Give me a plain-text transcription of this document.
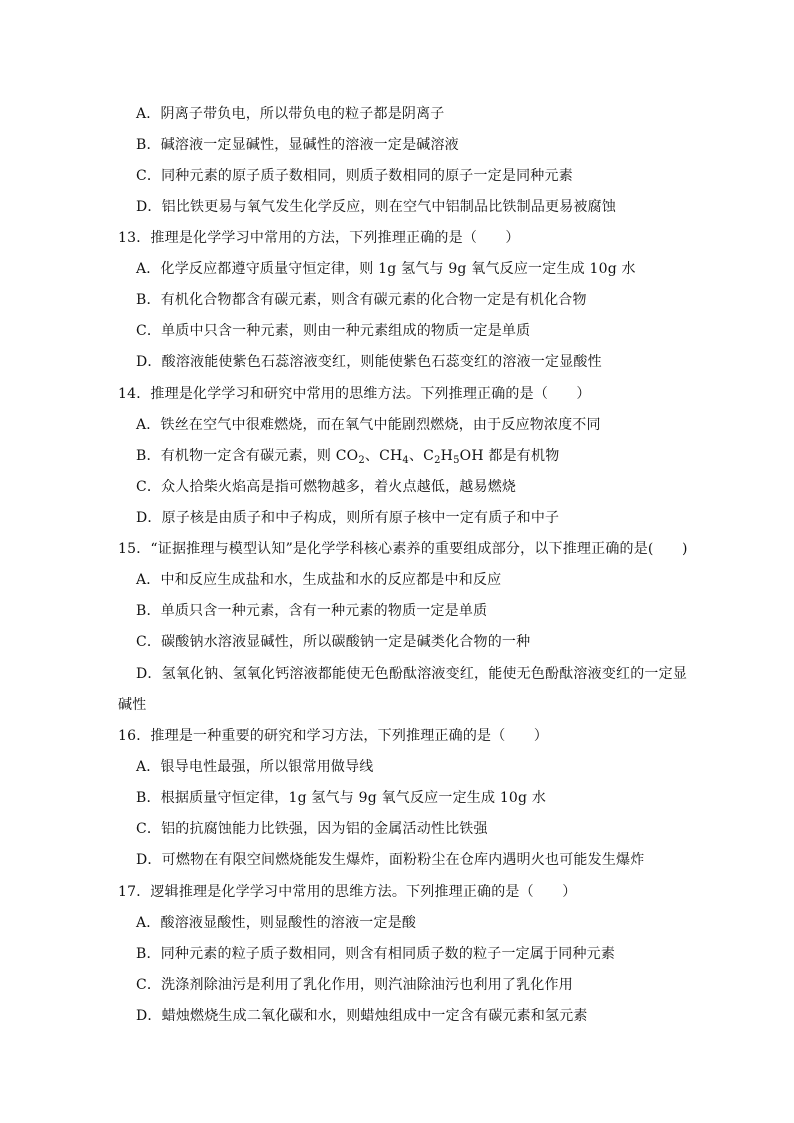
A．阴离子带负电，所以带负电的粒子都是阴离子
B．碱溶液一定显碱性，显碱性的溶液一定是碱溶液
C．同种元素的原子质子数相同，则质子数相同的原子一定是同种元素
D．铝比铁更易与氧气发生化学反应，则在空气中铝制品比铁制品更易被腐蚀
13．推理是化学学习中常用的方法，下列推理正确的是（　　）
A．化学反应都遵守质量守恒定律，则 1g 氢气与 9g 氧气反应一定生成 10g 水
B．有机化合物都含有碳元素，则含有碳元素的化合物一定是有机化合物
C．单质中只含一种元素，则由一种元素组成的物质一定是单质
D．酸溶液能使紫色石蕊溶液变红，则能使紫色石蕊变红的溶液一定显酸性
14．推理是化学学习和研究中常用的思维方法。下列推理正确的是（　　）
A．铁丝在空气中很难燃烧，而在氧气中能剧烈燃烧，由于反应物浓度不同
B．有机物一定含有碳元素，则 $CO_2$、$CH_4$、$C_2H_5OH$ 都是有机物
C．众人拾柴火焰高是指可燃物越多，着火点越低，越易燃烧
D．原子核是由质子和中子构成，则所有原子核中一定有质子和中子
15．“证据推理与模型认知”是化学学科核心素养的重要组成部分，以下推理正确的是(　　)
A．中和反应生成盐和水，生成盐和水的反应都是中和反应
B．单质只含一种元素，含有一种元素的物质一定是单质
C．碳酸钠水溶液显碱性，所以碳酸钠一定是碱类化合物的一种
D．氢氧化钠、氢氧化钙溶液都能使无色酚酞溶液变红，能使无色酚酞溶液变红的一定显
碱性
16．推理是一种重要的研究和学习方法，下列推理正确的是（　　）
A．银导电性最强，所以银常用做导线
B．根据质量守恒定律，1g 氢气与 9g 氧气反应一定生成 10g 水
C．铝的抗腐蚀能力比铁强，因为铝的金属活动性比铁强
D．可燃物在有限空间燃烧能发生爆炸，面粉粉尘在仓库内遇明火也可能发生爆炸
17．逻辑推理是化学学习中常用的思维方法。下列推理正确的是（　　）
A．酸溶液显酸性，则显酸性的溶液一定是酸
B．同种元素的粒子质子数相同，则含有相同质子数的粒子一定属于同种元素
C．洗涤剂除油污是利用了乳化作用，则汽油除油污也利用了乳化作用
D．蜡烛燃烧生成二氧化碳和水，则蜡烛组成中一定含有碳元素和氢元素
